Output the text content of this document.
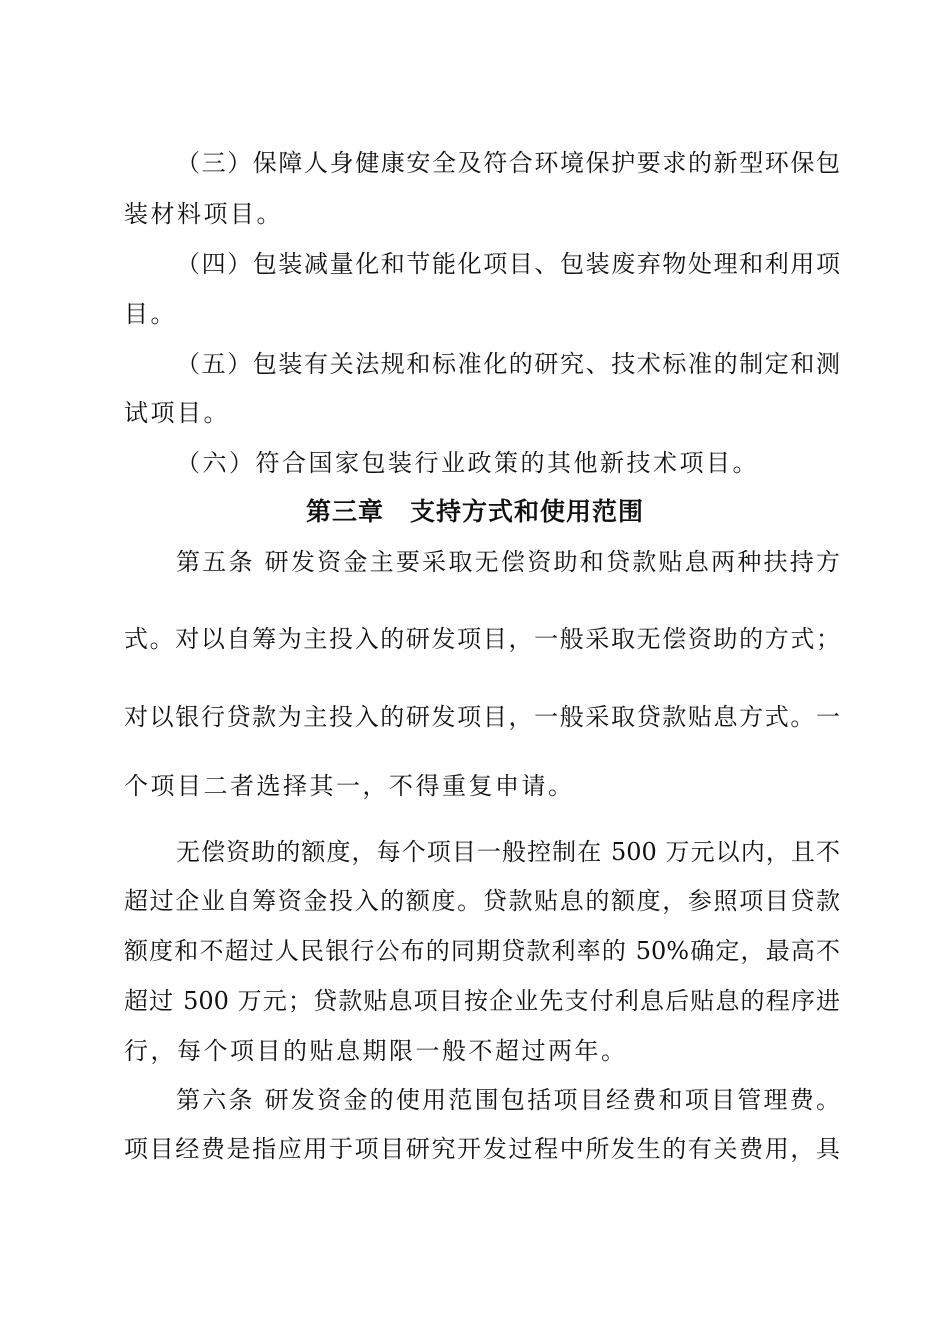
（三）保障人身健康安全及符合环境保护要求的新型环保包
装材料项目。
（四）包装减量化和节能化项目、包装废弃物处理和利用项
目。
（五）包装有关法规和标准化的研究、技术标准的制定和测
试项目。
（六）符合国家包装行业政策的其他新技术项目。
第三章　支持方式和使用范围
第五条 研发资金主要采取无偿资助和贷款贴息两种扶持方
式。对以自筹为主投入的研发项目，一般采取无偿资助的方式；
对以银行贷款为主投入的研发项目，一般采取贷款贴息方式。一
个项目二者选择其一，不得重复申请。
无偿资助的额度，每个项目一般控制在 500 万元以内，且不
超过企业自筹资金投入的额度。贷款贴息的额度，参照项目贷款
额度和不超过人民银行公布的同期贷款利率的 50%确定，最高不
超过 500 万元；贷款贴息项目按企业先支付利息后贴息的程序进
行，每个项目的贴息期限一般不超过两年。
第六条 研发资金的使用范围包括项目经费和项目管理费。
项目经费是指应用于项目研究开发过程中所发生的有关费用，具
